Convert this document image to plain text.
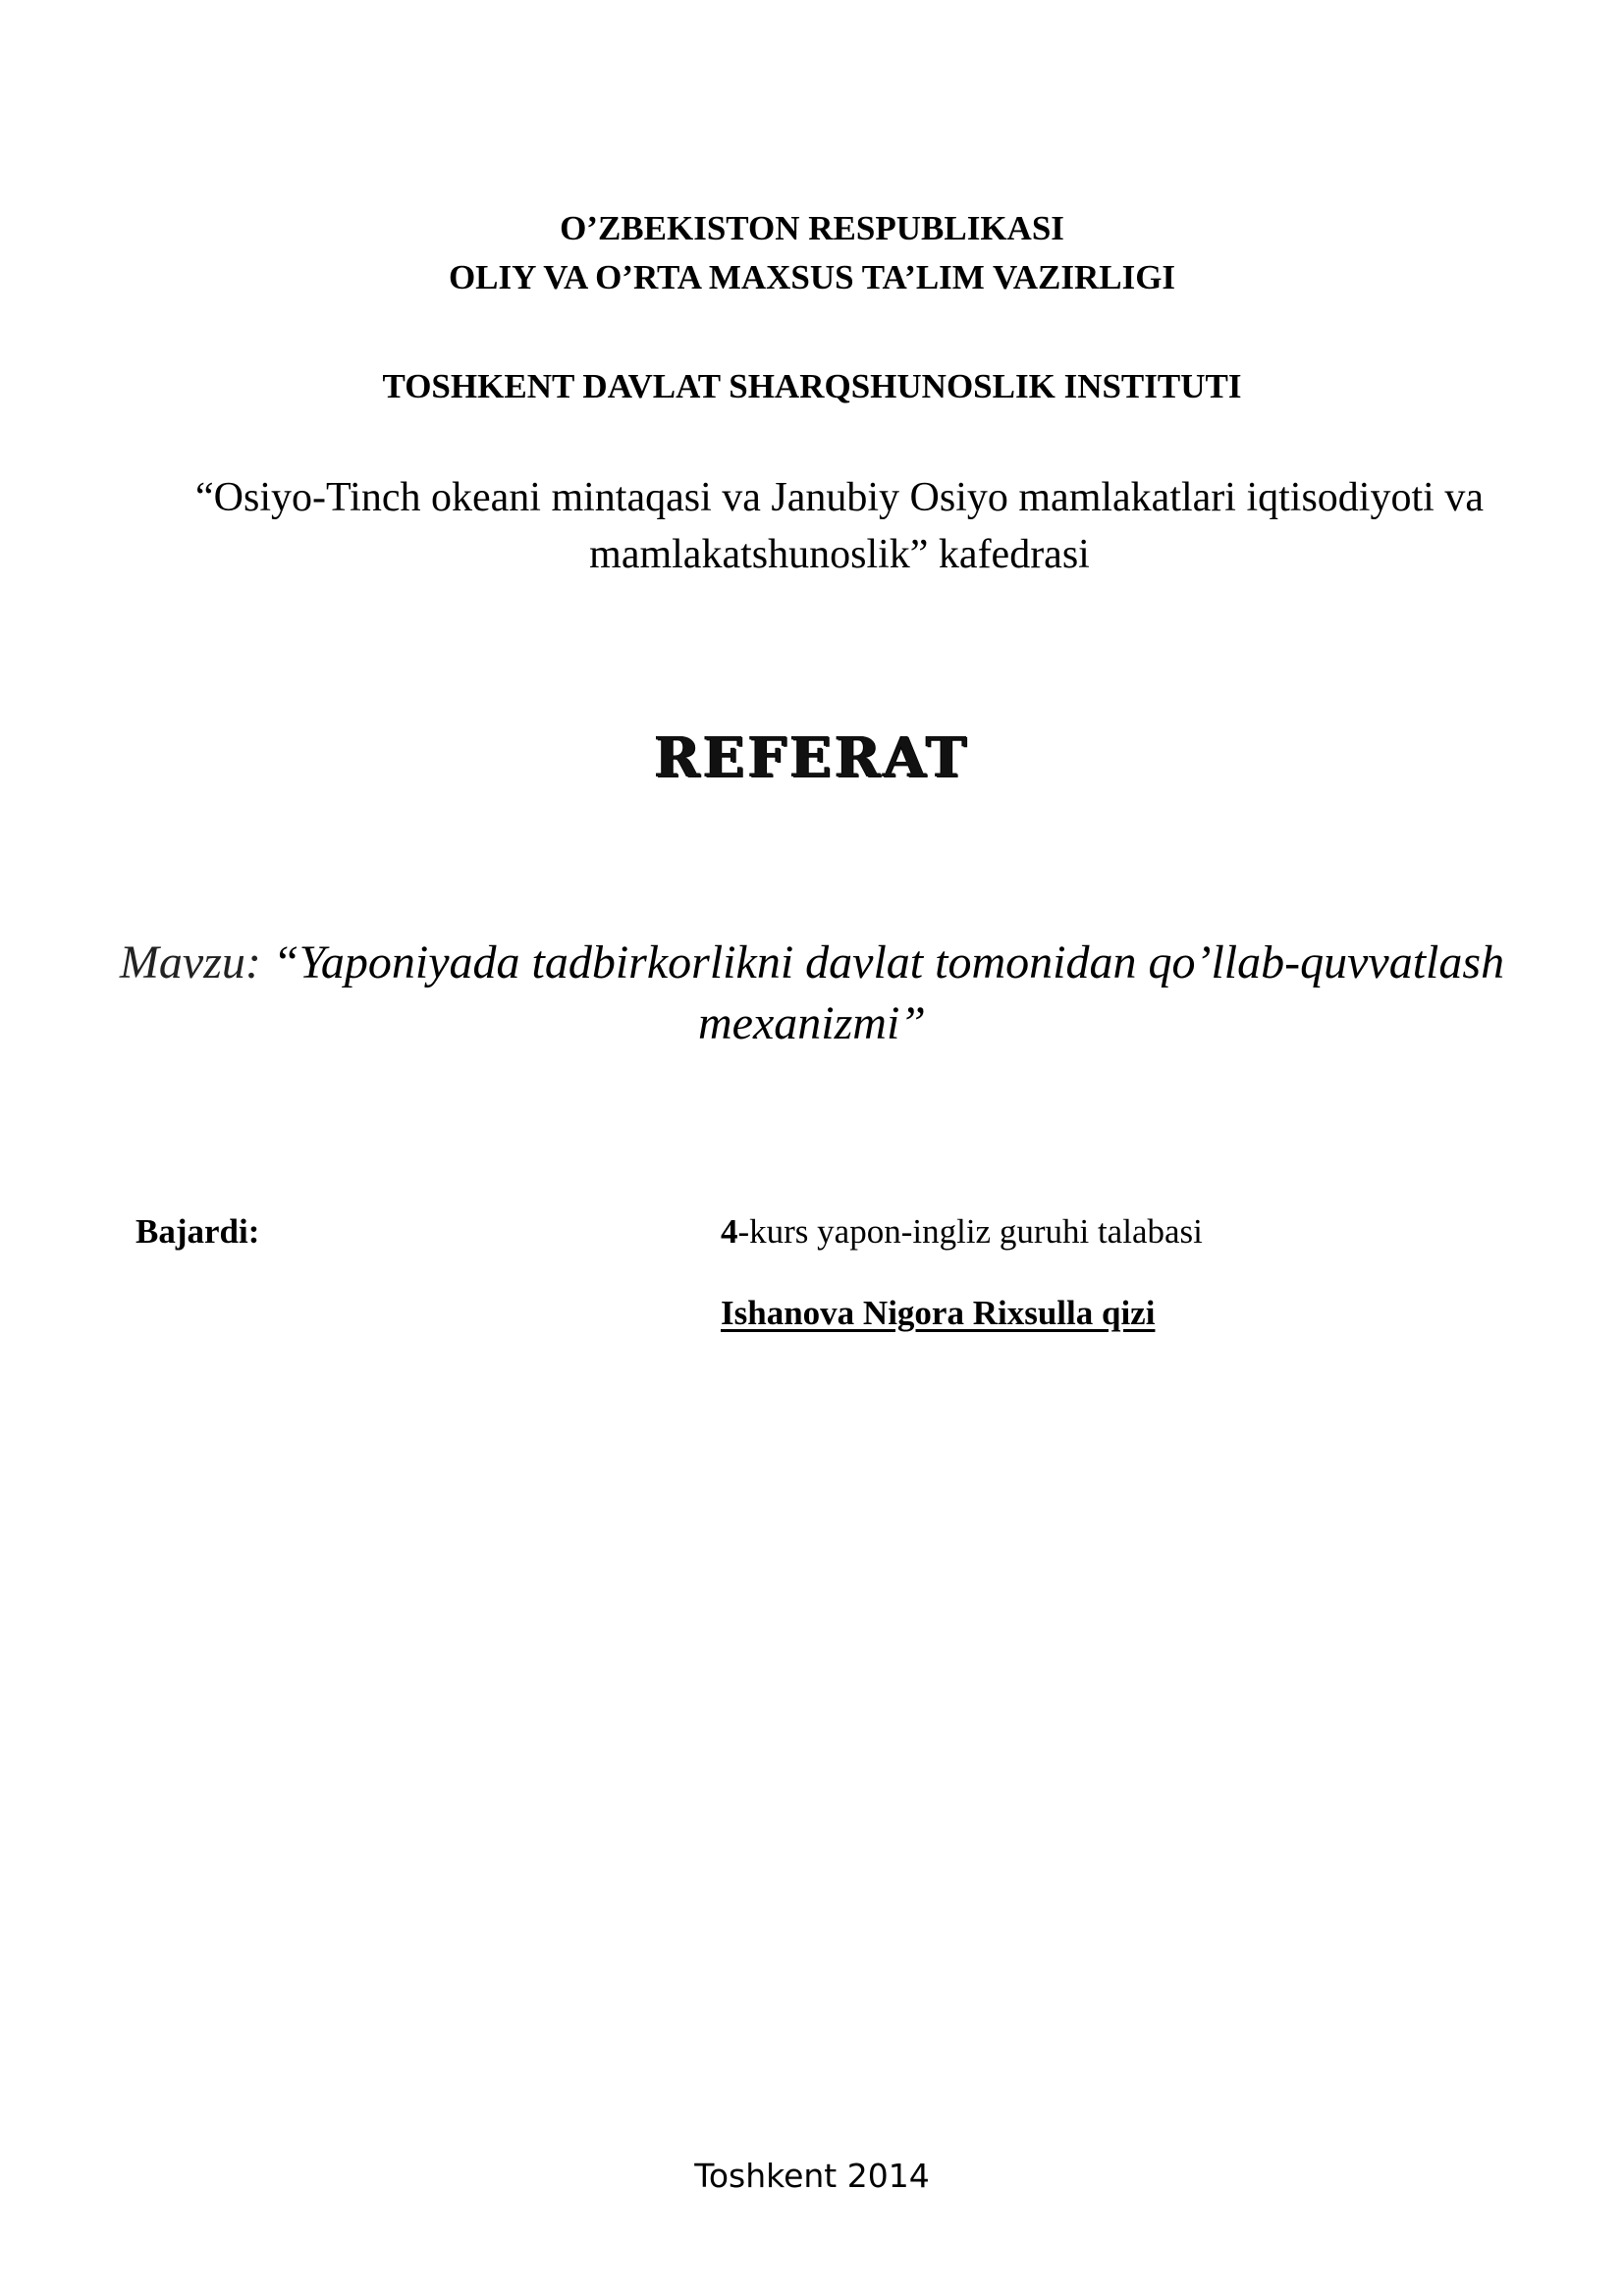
O’ZBEKISTON RESPUBLIKASI
OLIY VA O’RTA MAXSUS TA’LIM VAZIRLIGI
TOSHKENT DAVLAT SHARQSHUNOSLIK INSTITUTI
“Osiyo-Tinch okeani mintaqasi va Janubiy Osiyo mamlakatlari iqtisodiyoti va mamlakatshunoslik” kafedrasi
REFERAT
Mavzu: “Yaponiyada tadbirkorlikni davlat tomonidan qo’llab-quvvatlash mexanizmi”
Bajardi:	4-kurs yapon-ingliz guruhi talabasi
Ishanova Nigora Rixsulla qizi
Toshkent 2014
